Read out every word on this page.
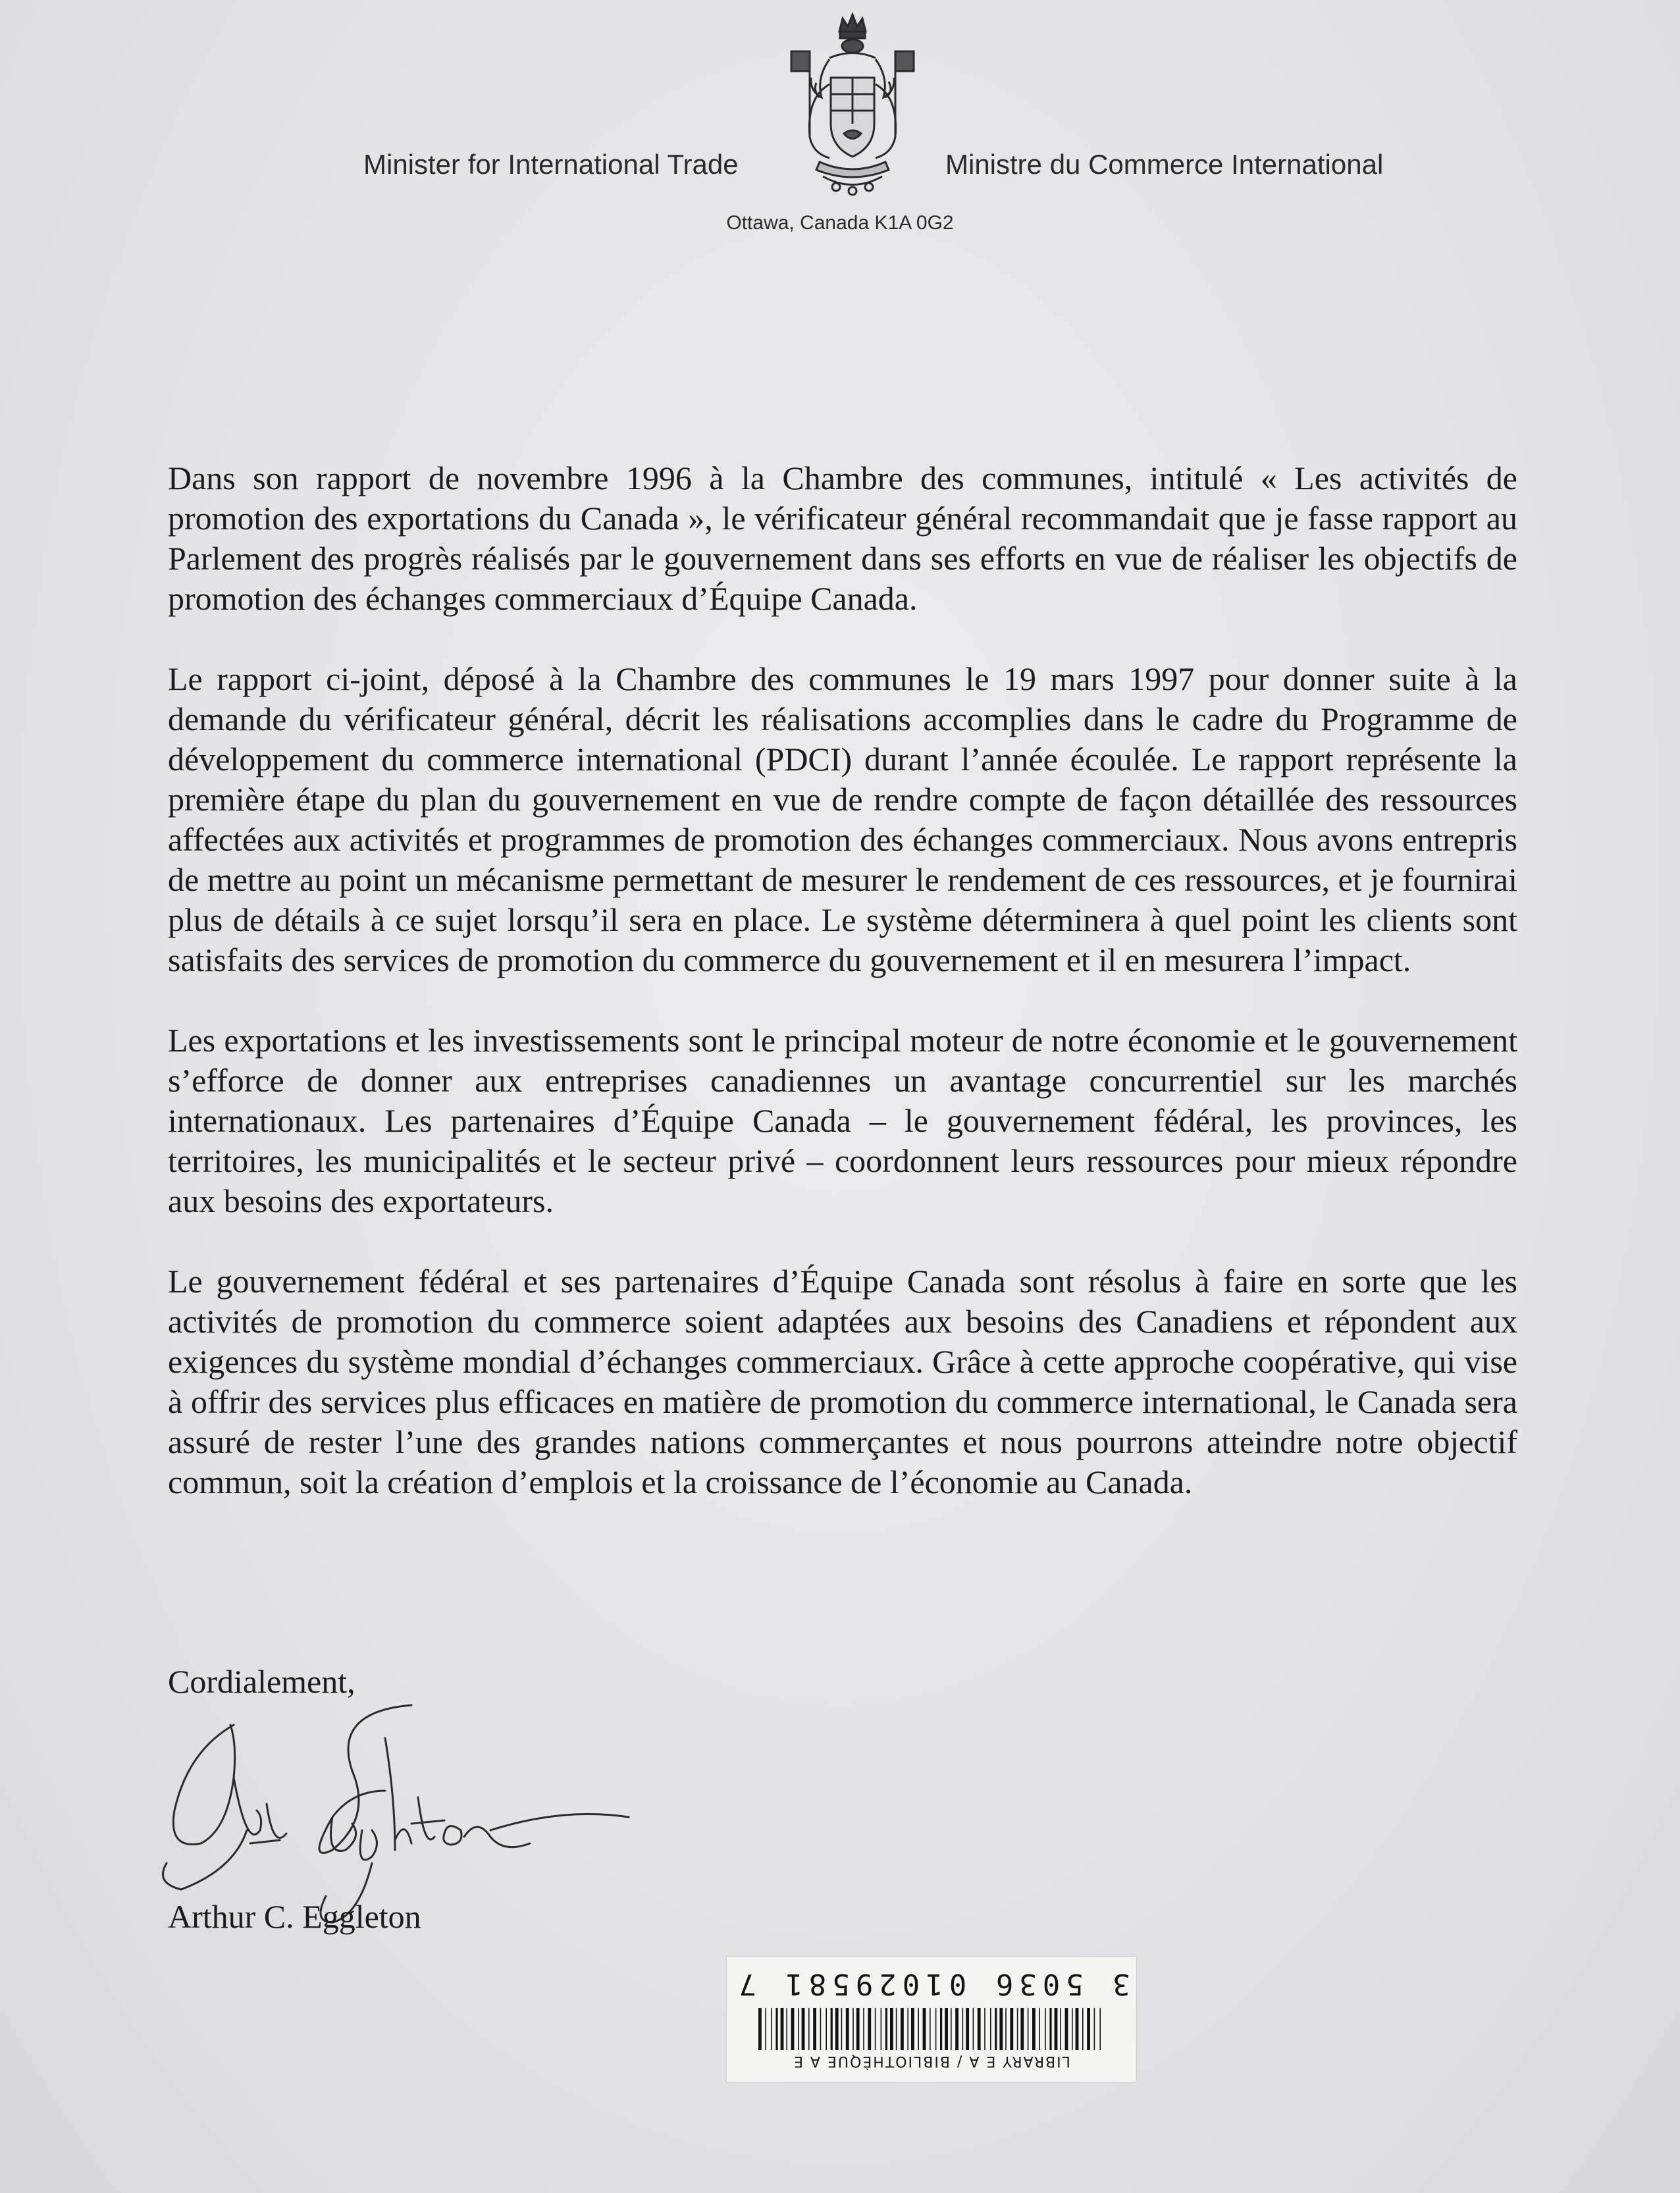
Minister for International Trade	Ministre du Commerce International
Ottawa, Canada K1A 0G2

Dans son rapport de novembre 1996 à la Chambre des communes, intitulé « Les activités de promotion des exportations du Canada », le vérificateur général recommandait que je fasse rapport au Parlement des progrès réalisés par le gouvernement dans ses efforts en vue de réaliser les objectifs de promotion des échanges commerciaux d’Équipe Canada.

Le rapport ci-joint, déposé à la Chambre des communes le 19 mars 1997 pour donner suite à la demande du vérificateur général, décrit les réalisations accomplies dans le cadre du Programme de développement du commerce international (PDCI) durant l’année écoulée. Le rapport représente la première étape du plan du gouvernement en vue de rendre compte de façon détaillée des ressources affectées aux activités et programmes de promotion des échanges commerciaux. Nous avons entrepris de mettre au point un mécanisme permettant de mesurer le rendement de ces ressources, et je fournirai plus de détails à ce sujet lorsqu’il sera en place. Le système déterminera à quel point les clients sont satisfaits des services de promotion du commerce du gouvernement et il en mesurera l’impact.

Les exportations et les investissements sont le principal moteur de notre économie et le gouvernement s’efforce de donner aux entreprises canadiennes un avantage concurrentiel sur les marchés internationaux. Les partenaires d’Équipe Canada – le gouvernement fédéral, les provinces, les territoires, les municipalités et le secteur privé – coordonnent leurs ressources pour mieux répondre aux besoins des exportateurs.

Le gouvernement fédéral et ses partenaires d’Équipe Canada sont résolus à faire en sorte que les activités de promotion du commerce soient adaptées aux besoins des Canadiens et répondent aux exigences du système mondial d’échanges commerciaux. Grâce à cette approche coopérative, qui vise à offrir des services plus efficaces en matière de promotion du commerce international, le Canada sera assuré de rester l’une des grandes nations commerçantes et nous pourrons atteindre notre objectif commun, soit la création d’emplois et la croissance de l’économie au Canada.

Cordialement,
Arthur C. Eggleton
3 5036 01029581 7
LIBRARY E A / BIBLIOTHÈQUE A E
